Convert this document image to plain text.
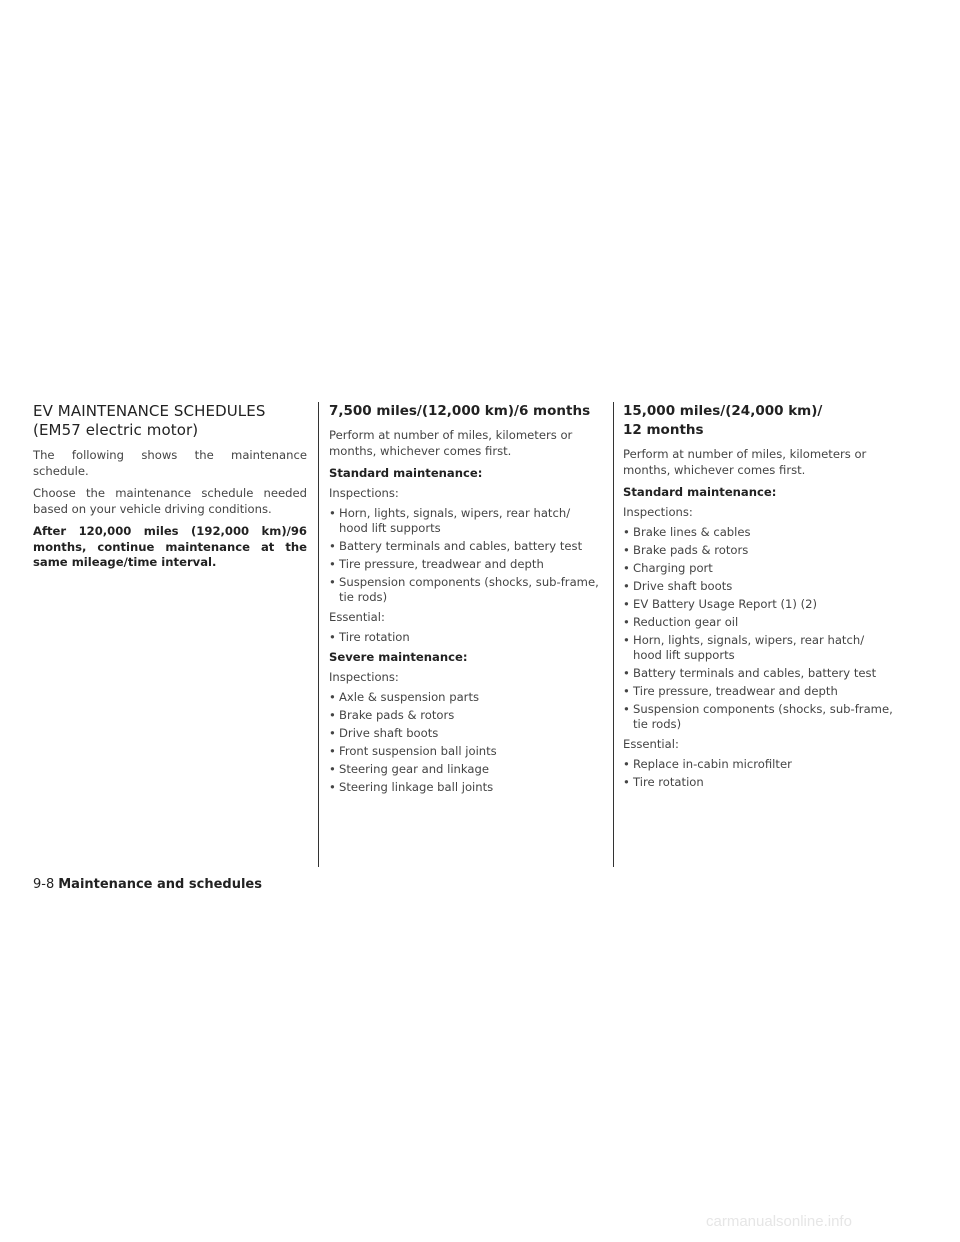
EV MAINTENANCE SCHEDULES
(EM57 electric motor)
The following shows the maintenance schedule.
Choose the maintenance schedule needed based on your vehicle driving conditions.
After 120,000 miles (192,000 km)/96 months, continue maintenance at the same mileage/time interval.
7,500 miles/(12,000 km)/6 months
Perform at number of miles, kilometers or months, whichever comes first.
Standard maintenance:
Inspections:
• Horn, lights, signals, wipers, rear hatch/ hood lift supports
• Battery terminals and cables, battery test
• Tire pressure, treadwear and depth
• Suspension components (shocks, sub-frame, tie rods)
Essential:
• Tire rotation
Severe maintenance:
Inspections:
• Axle & suspension parts
• Brake pads & rotors
• Drive shaft boots
• Front suspension ball joints
• Steering gear and linkage
• Steering linkage ball joints
15,000 miles/(24,000 km)/
12 months
Perform at number of miles, kilometers or months, whichever comes first.
Standard maintenance:
Inspections:
• Brake lines & cables
• Brake pads & rotors
• Charging port
• Drive shaft boots
• EV Battery Usage Report (1) (2)
• Reduction gear oil
• Horn, lights, signals, wipers, rear hatch/ hood lift supports
• Battery terminals and cables, battery test
• Tire pressure, treadwear and depth
• Suspension components (shocks, sub-frame, tie rods)
Essential:
• Replace in-cabin microfilter
• Tire rotation
9-8 Maintenance and schedules
carmanualsonline.info
